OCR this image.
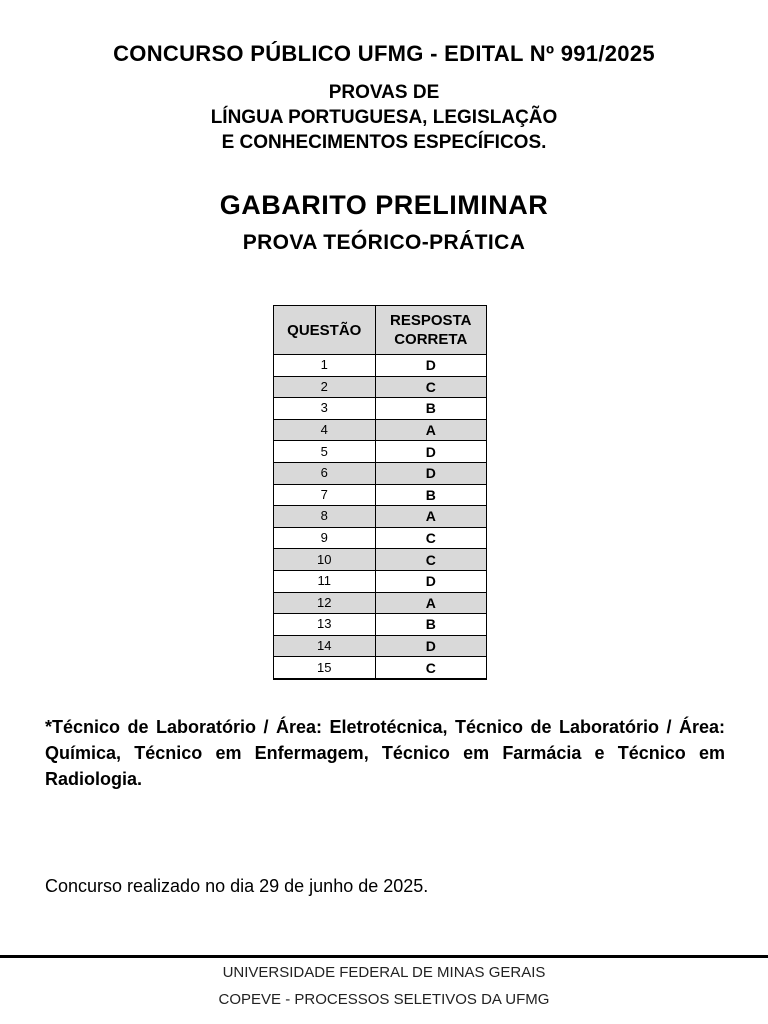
CONCURSO PÚBLICO UFMG - EDITAL Nº 991/2025
PROVAS DE
LÍNGUA PORTUGUESA, LEGISLAÇÃO
E CONHECIMENTOS ESPECÍFICOS.
GABARITO PRELIMINAR
PROVA TEÓRICO-PRÁTICA
QUESTÃO	RESPOSTA
CORRETA

1	D
2	C
3	B
4	A
5	D
6	D
7	B
8	A
9	C
10	C
11	D
12	A
13	B
14	D
15	C
*Técnico de Laboratório / Área: Eletrotécnica, Técnico de Laboratório / Área: Química, Técnico em Enfermagem, Técnico em Farmácia e Técnico em Radiologia.
Concurso realizado no dia 29 de junho de 2025.
UNIVERSIDADE FEDERAL DE MINAS GERAIS
COPEVE - PROCESSOS SELETIVOS DA UFMG
